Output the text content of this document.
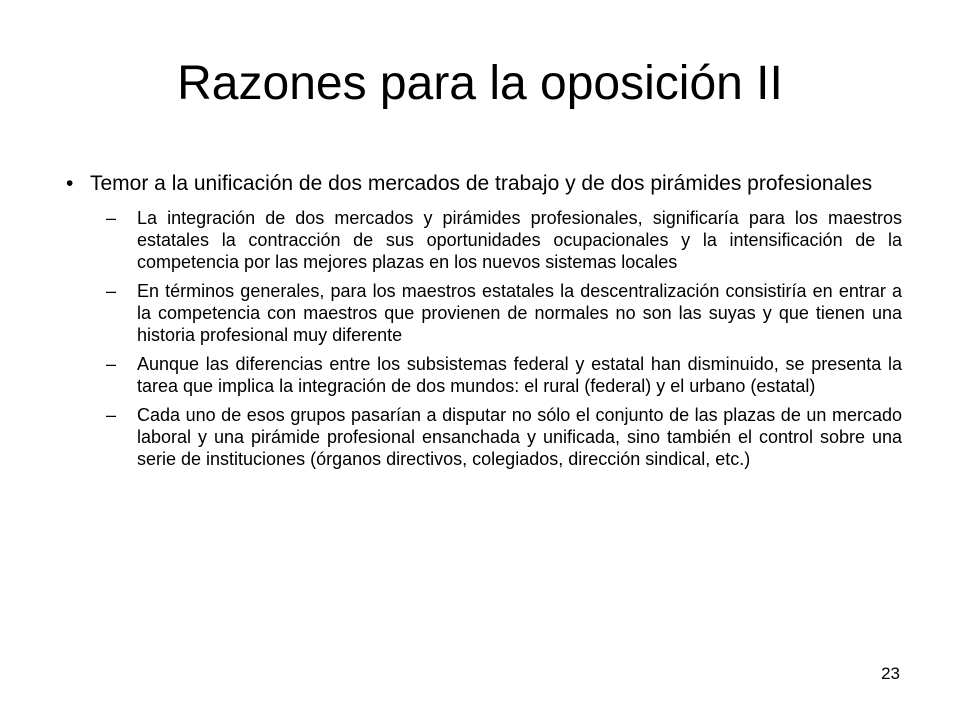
Razones para la oposición II
• Temor a la unificación de dos mercados de trabajo y de dos pirámides profesionales
–	La integración de dos mercados y pirámides profesionales, significaría para los maestros estatales la contracción de sus oportunidades ocupacionales y la intensificación de la competencia por las mejores plazas en los nuevos sistemas locales
–	En términos generales, para los maestros estatales la descentralización consistiría en entrar a la competencia con maestros que provienen de normales no son las suyas y que tienen una historia profesional muy diferente
–	Aunque las diferencias entre los subsistemas federal y estatal han disminuido, se presenta la tarea que implica la integración de dos mundos: el rural (federal) y el urbano (estatal)
–	Cada uno de esos grupos pasarían a disputar no sólo el conjunto de las plazas de un mercado laboral y una pirámide profesional ensanchada y unificada, sino también el control sobre una serie de instituciones (órganos directivos, colegiados, dirección sindical, etc.)
23
